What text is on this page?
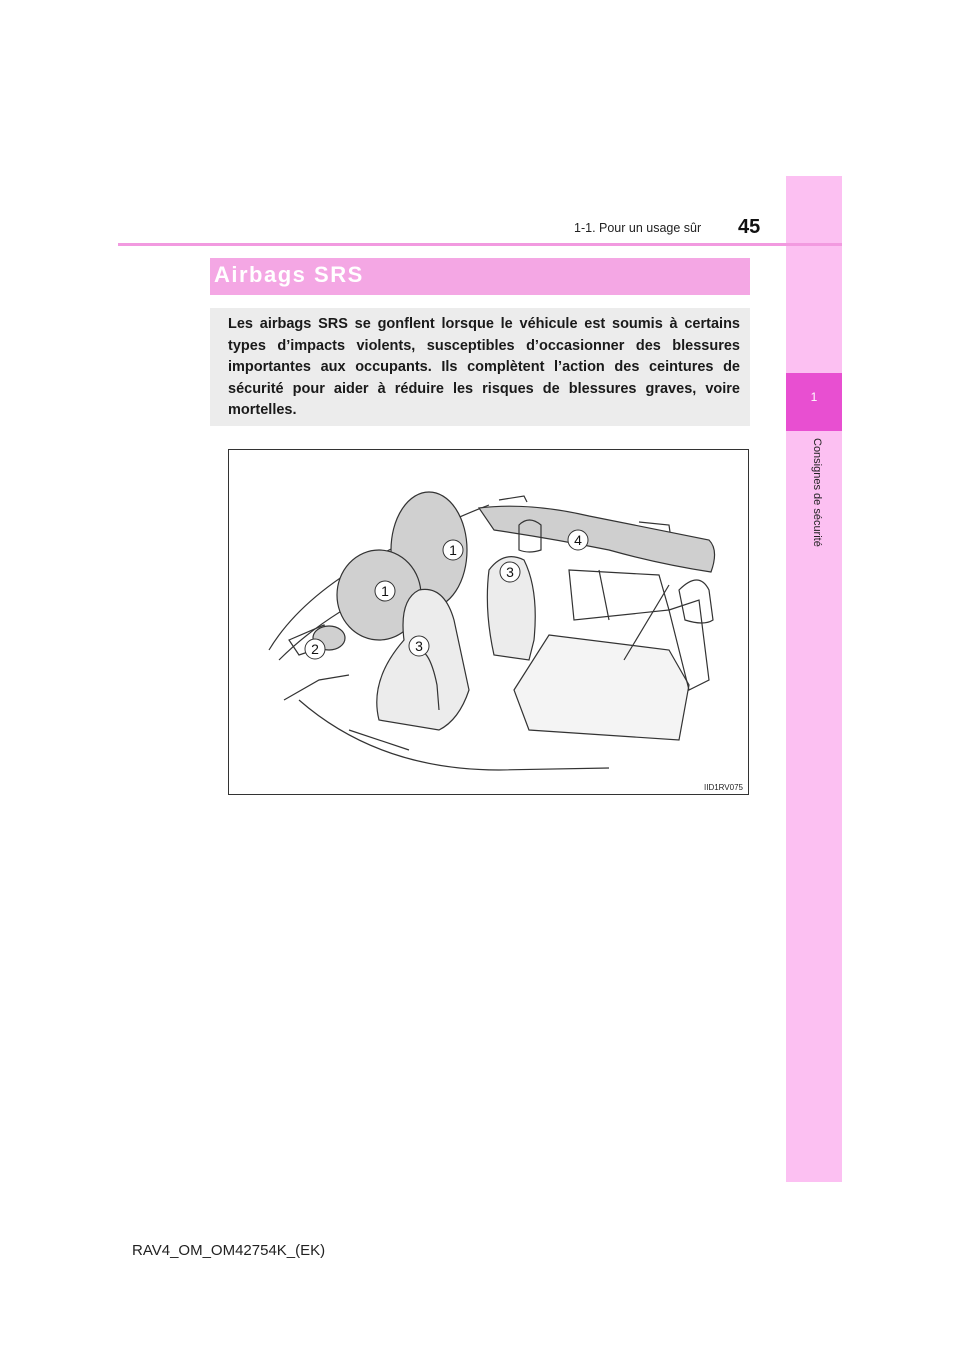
1
Consignes de sécurité
1-1. Pour un usage sûr 45
Airbags SRS
Les airbags SRS se gonflent lorsque le véhicule est soumis à certains types d’impacts violents, susceptibles d’occasionner des blessures importantes aux occupants. Ils complètent l’action des ceintures de sécurité pour aider à réduire les risques de blessures graves, voire mortelles.
1
1
2
3
3
4
IID1RV075
RAV4_OM_OM42754K_(EK)
